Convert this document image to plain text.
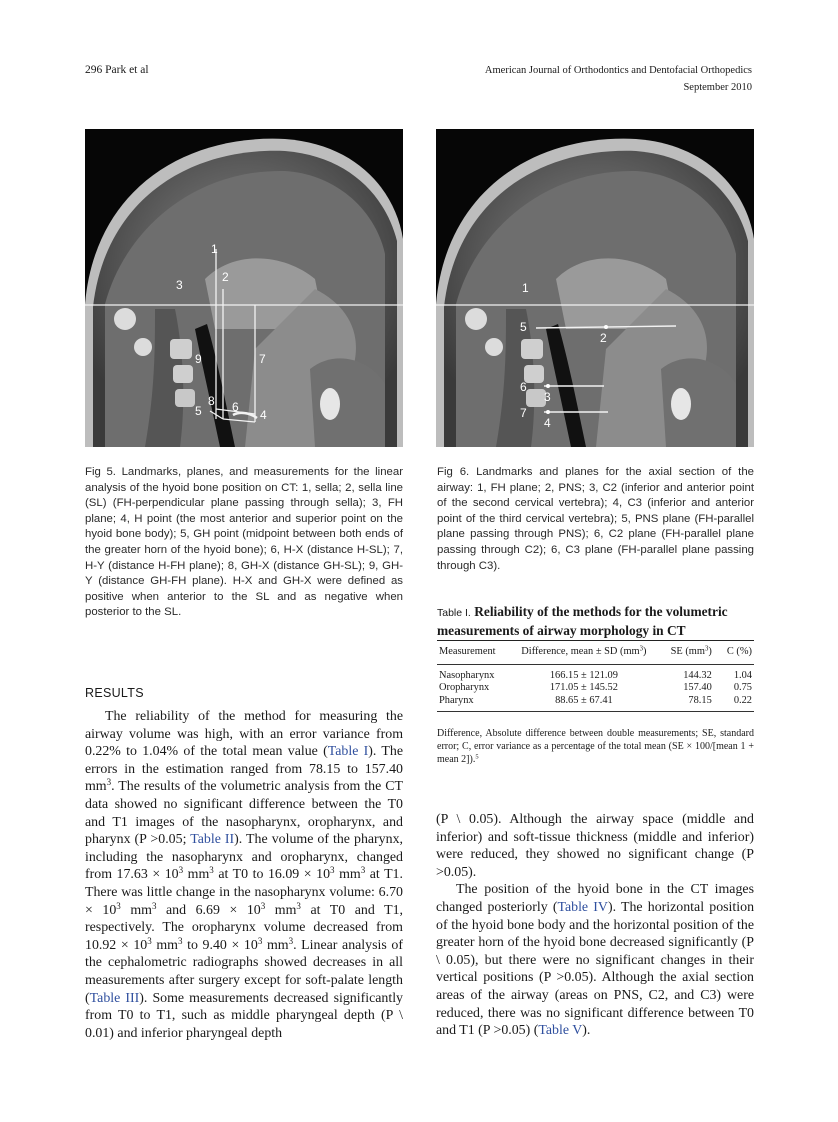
296 Park et al	American Journal of Orthodontics and Dentofacial Orthopedics
September 2010
1
2
3
4
5	6
7
8
9
1
2
3
4
5
6
7
Fig 5. Landmarks, planes, and measurements for the linear analysis of the hyoid bone position on CT: 1, sella; 2, sella line (SL) (FH-perpendicular plane passing through sella); 3, FH plane; 4, H point (the most anterior and superior point on the hyoid bone body); 5, GH point (midpoint between both ends of the greater horn of the hyoid bone); 6, H-X (distance H-SL); 7, H-Y (distance H-FH plane); 8, GH-X (distance GH-SL); 9, GH-Y (distance GH-FH plane). H-X and GH-X were defined as positive when anterior to the SL and as negative when posterior to the SL.
Fig 6. Landmarks and planes for the axial section of the airway: 1, FH plane; 2, PNS; 3, C2 (inferior and anterior point of the second cervical vertebra); 4, C3 (inferior and anterior point of the third cervical vertebra); 5, PNS plane (FH-parallel plane passing through PNS); 6, C2 plane (FH-parallel plane passing through C2); 6, C3 plane (FH-parallel plane passing through C3).
Table I. Reliability of the methods for the volumetric measurements of airway morphology in CT
Measurement	Difference, mean ± SD $(mm^3)$	SE $(mm^3)$	C (%)

Nasopharynx	166.15 ± 121.09	144.32	1.04
Oropharynx	171.05 ± 145.52	157.40	0.75
Pharynx	88.65 ± 67.41	78.15	0.22

Difference, Absolute difference between double measurements; SE, standard error; C, error variance as a percentage of the total mean (SE × 100/[mean 1 + mean 2]).$^5$
RESULTS

The reliability of the method for measuring the airway volume was high, with an error variance from 0.22% to 1.04% of the total mean value (Table I). The errors in the estimation ranged from 78.15 to 157.40 $mm^3$. The results of the volumetric analysis from the CT data showed no significant difference between the T0 and T1 images of the nasopharynx, oropharynx, and pharynx (P >0.05; Table II). The volume of the pharynx, including the nasopharynx and oropharynx, changed from $17.63 \times 10^3$ $mm^3$ at T0 to $16.09 \times 10^3$ $mm^3$ at T1. There was little change in the nasopharynx volume: $6.70 \times 10^3$ $mm^3$ and $6.69 \times 10^3$ $mm^3$ at T0 and T1, respectively. The oropharynx volume decreased from $10.92 \times 10^3$ $mm^3$ to $9.40 \times 10^3$ $mm^3$. Linear analysis of the cephalometric radiographs showed decreases in all measurements after surgery except for soft-palate length (Table III). Some measurements decreased significantly from T0 to T1, such as middle pharyngeal depth (P \ 0.01) and inferior pharyngeal depth

(P \ 0.05). Although the airway space (middle and inferior) and soft-tissue thickness (middle and inferior) were reduced, they showed no significant change (P >0.05).

The position of the hyoid bone in the CT images changed posteriorly (Table IV). The horizontal position of the hyoid bone body and the horizontal position of the greater horn of the hyoid bone decreased significantly (P \ 0.05), but there were no significant changes in their vertical positions (P >0.05). Although the axial section areas of the airway (areas on PNS, C2, and C3) were reduced, there was no significant difference between T0 and T1 (P >0.05) (Table V).
